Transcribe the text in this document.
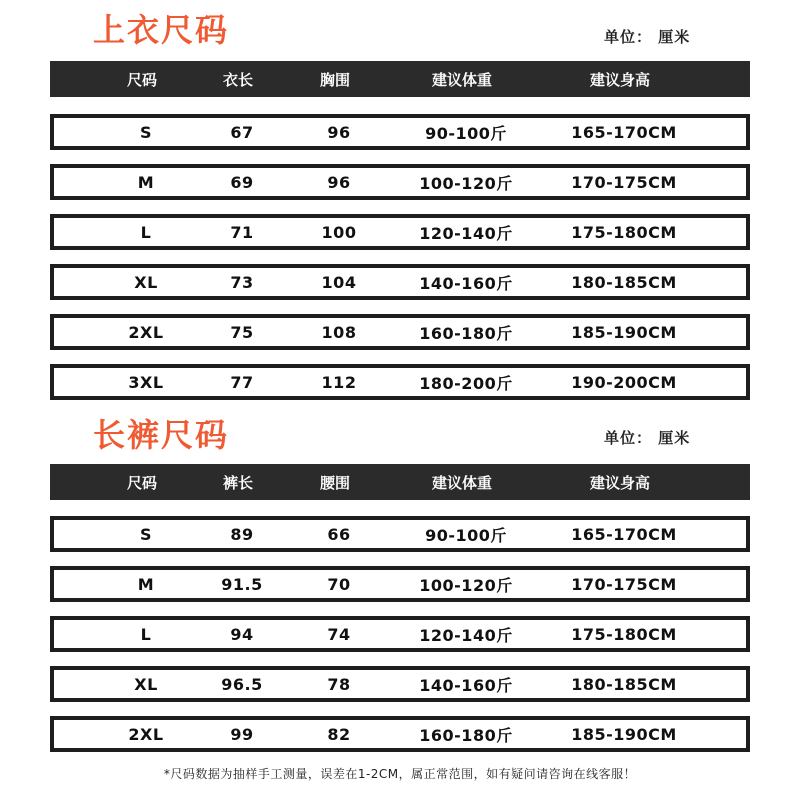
上衣尺码	单位： 厘米
尺码	衣长	胸围	建议体重	建议身高
S	67	96	90-100斤	165-170CM
M	69	96	100-120斤	170-175CM
L	71	100	120-140斤	175-180CM
XL	73	104	140-160斤	180-185CM
2XL	75	108	160-180斤	185-190CM
3XL	77	112	180-200斤	190-200CM
长裤尺码	单位： 厘米
尺码	裤长	腰围	建议体重	建议身高
S	89	66	90-100斤	165-170CM
M	91.5	70	100-120斤	170-175CM
L	94	74	120-140斤	175-180CM
XL	96.5	78	140-160斤	180-185CM
2XL	99	82	160-180斤	185-190CM
*尺码数据为抽样手工测量，误差在1-2CM，属正常范围，如有疑问请咨询在线客服！
